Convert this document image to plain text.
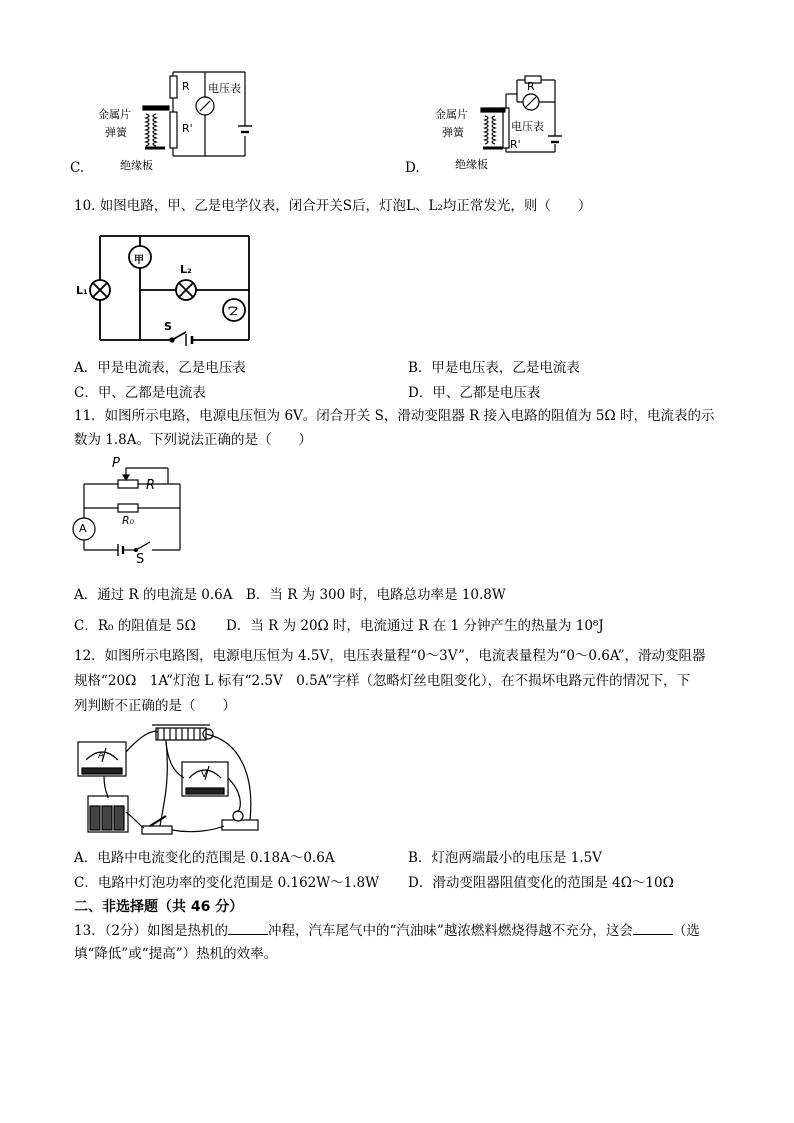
C.
金属片
弹簧
绝缘板
R
R'
电压表
D.
金属片
弹簧
绝缘板
R
R'
电压表
10. 如图电路，甲、乙是电学仪表，闭合开关S后，灯泡L、L₂均正常发光，则（　　）
甲
乙
L₁
L₂
S
A．甲是电流表，乙是电压表	B．甲是电压表，乙是电流表
C．甲、乙都是电流表	D．甲、乙都是电压表
11．如图所示电路，电源电压恒为 6V。闭合开关 S，滑动变阻器 R 接入电路的阻值为 5Ω 时，电流表的示
数为 1.8A。下列说法正确的是（　　）
P
R
R₀
A
S
A．通过 R 的电流是 0.6A　B．当 R 为 300 时，电路总功率是 10.8W
C．R₀ 的阻值是 5Ω D．当 R 为 20Ω 时，电流通过 R 在 1 分钟产生的热量为 10⁸J
12．如图所示电路图，电源电压恒为 4.5V，电压表量程“0～3V”，电流表量程为“0～0.6A”，滑动变阻器
规格“20Ω　1A”灯泡 L 标有“2.5V　0.5A”字样（忽略灯丝电阻变化），在不损坏电路元件的情况下，下
列判断不正确的是（　　）
A
V
A．电路中电流变化的范围是 0.18A～0.6A	B．灯泡两端最小的电压是 1.5V
C．电路中灯泡功率的变化范围是 0.162W～1.8W D．滑动变阻器阻值变化的范围是 4Ω～10Ω
二、非选择题（共 46 分）
13．（2分）如图是热机的	冲程，汽车尾气中的“汽油味”越浓燃料燃烧得越不充分，这会	（选
填“降低”或“提高”）热机的效率。
